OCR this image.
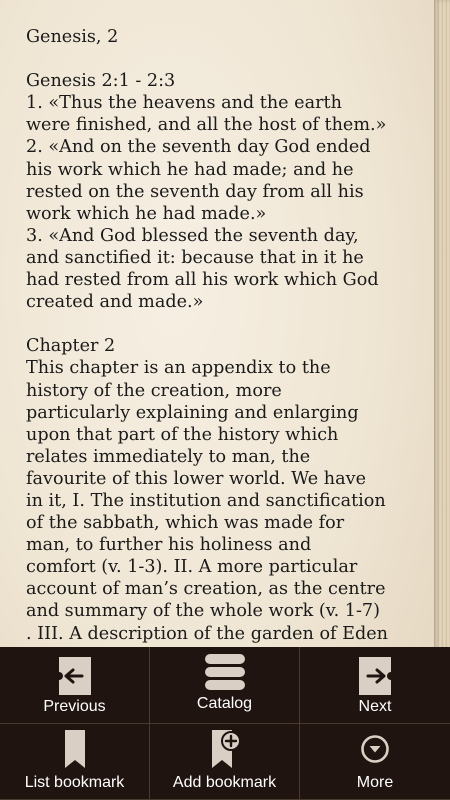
Genesis, 2
Genesis 2:1 - 2:3
1. «Thus the heavens and the earth
were finished, and all the host of them.»
2. «And on the seventh day God ended
his work which he had made; and he
rested on the seventh day from all his
work which he had made.»
3. «And God blessed the seventh day,
and sanctified it: because that in it he
had rested from all his work which God
created and made.»
Chapter 2
This chapter is an appendix to the
history of the creation, more
particularly explaining and enlarging
upon that part of the history which
relates immediately to man, the
favourite of this lower world. We have
in it, I. The institution and sanctification
of the sabbath, which was made for
man, to further his holiness and
comfort (v. 1-3). II. A more particular
account of man’s creation, as the centre
and summary of the whole work (v. 1-7)
. III. A description of the garden of Eden
Previous	Catalog	Next
List bookmark	Add bookmark	More
